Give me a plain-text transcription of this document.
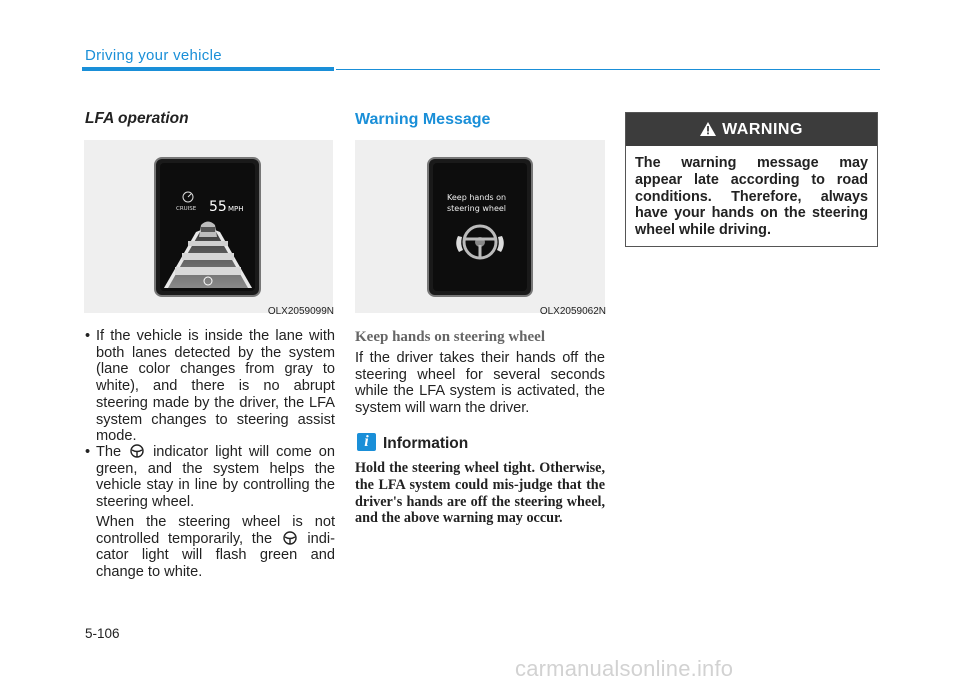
Driving your vehicle
LFA operation
CRUISE 55 MPH
OLX2059099N
• If the vehicle is inside the lane with both lanes detected by the system (lane color changes from gray to white), and there is no abrupt steering made by the driver, the LFA system changes to steering assist mode.
• The indicator light will come on green, and the system helps the vehicle stay in line by controlling the steering wheel.
When the steering wheel is not controlled temporarily, the indi-cator light will flash green and change to white.
Warning Message
Keep hands on
steering wheel
OLX2059062N
Keep hands on steering wheel
If the driver takes their hands off the steering wheel for several seconds while the LFA system is activated, the system will warn the driver.
i Information
Hold the steering wheel tight. Otherwise, the LFA system could mis-judge that the driver's hands are off the steering wheel, and the above warning may occur.
WARNING
The warning message may appear late according to road conditions. Therefore, always have your hands on the steering wheel while driving.
5-106
carmanualsonline.info
